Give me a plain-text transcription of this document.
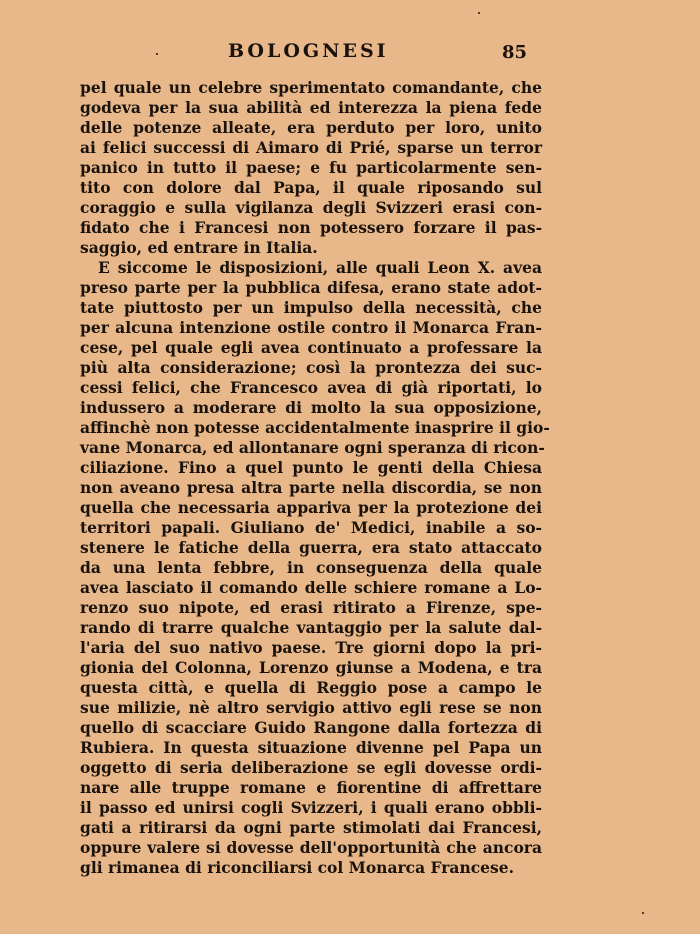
BOLOGNESI	85
pel quale un celebre sperimentato comandante, che
godeva per la sua abilità ed interezza la piena fede
delle potenze alleate, era perduto per loro, unito
ai felici successi di Aimaro di Prié, sparse un terror
panico in tutto il paese; e fu particolarmente sen-
tito con dolore dal Papa, il quale riposando sul
coraggio e sulla vigilanza degli Svizzeri erasi con-
fidato che i Francesi non potessero forzare il pas-
saggio, ed entrare in Italia.
E siccome le disposizioni, alle quali Leon X. avea
preso parte per la pubblica difesa, erano state adot-
tate piuttosto per un impulso della necessità, che
per alcuna intenzione ostile contro il Monarca Fran-
cese, pel quale egli avea continuato a professare la
più alta considerazione; così la prontezza dei suc-
cessi felici, che Francesco avea di già riportati, lo
indussero a moderare di molto la sua opposizione,
affinchè non potesse accidentalmente inasprire il gio-
vane Monarca, ed allontanare ogni speranza di ricon-
ciliazione. Fino a quel punto le genti della Chiesa
non aveano presa altra parte nella discordia, se non
quella che necessaria appariva per la protezione dei
territori papali. Giuliano de' Medici, inabile a so-
stenere le fatiche della guerra, era stato attaccato
da una lenta febbre, in conseguenza della quale
avea lasciato il comando delle schiere romane a Lo-
renzo suo nipote, ed erasi ritirato a Firenze, spe-
rando di trarre qualche vantaggio per la salute dal-
l'aria del suo nativo paese. Tre giorni dopo la pri-
gionia del Colonna, Lorenzo giunse a Modena, e tra
questa città, e quella di Reggio pose a campo le
sue milizie, nè altro servigio attivo egli rese se non
quello di scacciare Guido Rangone dalla fortezza di
Rubiera. In questa situazione divenne pel Papa un
oggetto di seria deliberazione se egli dovesse ordi-
nare alle truppe romane e fiorentine di affrettare
il passo ed unirsi cogli Svizzeri, i quali erano obbli-
gati a ritirarsi da ogni parte stimolati dai Francesi,
oppure valere si dovesse dell'opportunità che ancora
gli rimanea di riconciliarsi col Monarca Francese.
